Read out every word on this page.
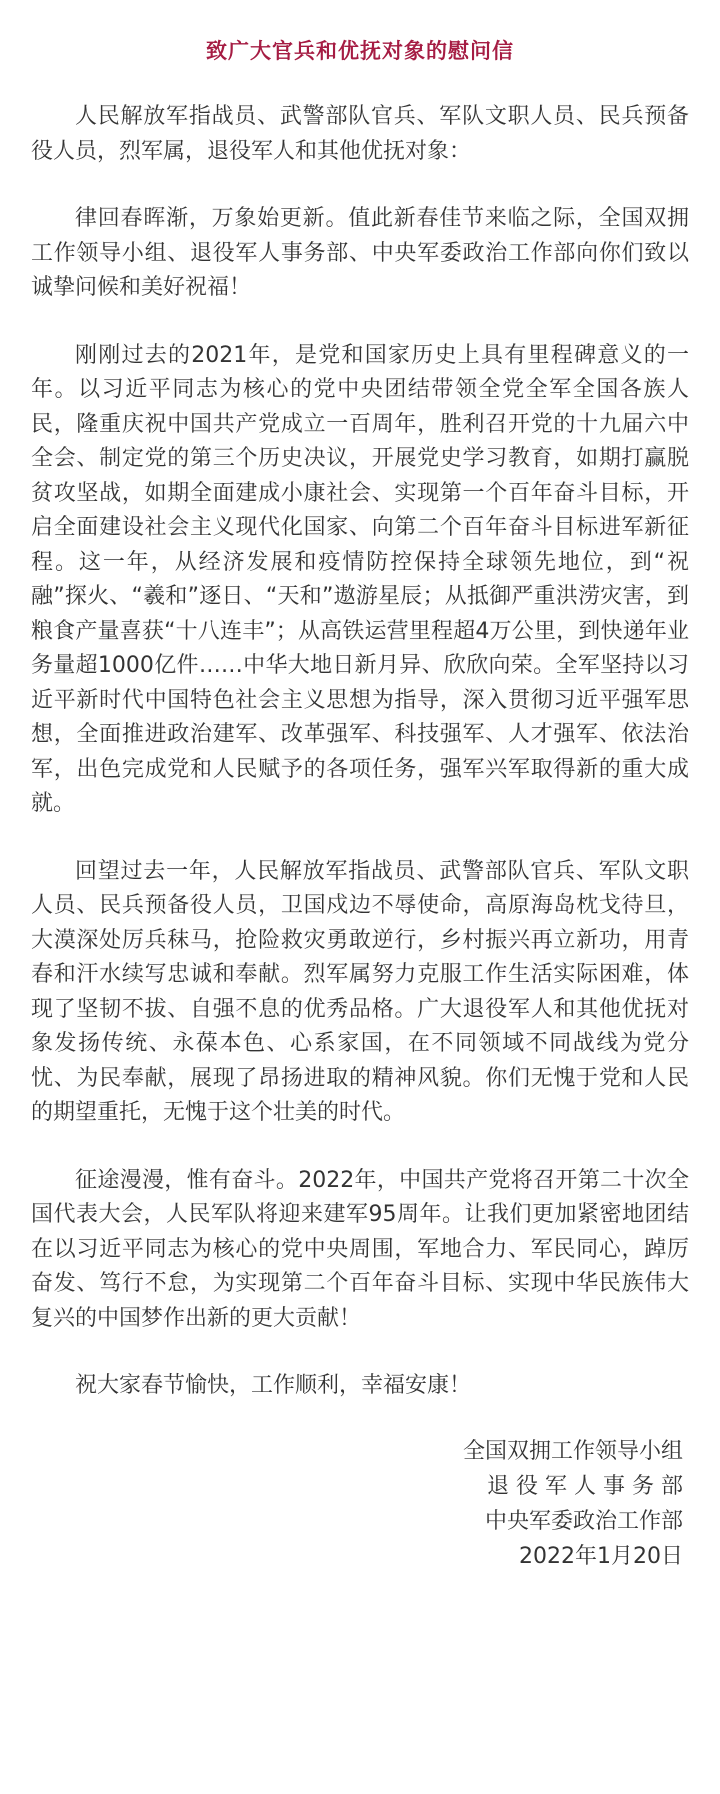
致广大官兵和优抚对象的慰问信

人民解放军指战员、武警部队官兵、军队文职人员、民兵预备役人员，烈军属，退役军人和其他优抚对象：

律回春晖渐，万象始更新。值此新春佳节来临之际，全国双拥工作领导小组、退役军人事务部、中央军委政治工作部向你们致以诚挚问候和美好祝福！

刚刚过去的2021年，是党和国家历史上具有里程碑意义的一年。以习近平同志为核心的党中央团结带领全党全军全国各族人民，隆重庆祝中国共产党成立一百周年，胜利召开党的十九届六中全会、制定党的第三个历史决议，开展党史学习教育，如期打赢脱贫攻坚战，如期全面建成小康社会、实现第一个百年奋斗目标，开启全面建设社会主义现代化国家、向第二个百年奋斗目标进军新征程。这一年，从经济发展和疫情防控保持全球领先地位，到“祝融”探火、“羲和”逐日、“天和”遨游星辰；从抵御严重洪涝灾害，到粮食产量喜获“十八连丰”；从高铁运营里程超4万公里，到快递年业务量超1000亿件……中华大地日新月异、欣欣向荣。全军坚持以习近平新时代中国特色社会主义思想为指导，深入贯彻习近平强军思想，全面推进政治建军、改革强军、科技强军、人才强军、依法治军，出色完成党和人民赋予的各项任务，强军兴军取得新的重大成就。

回望过去一年，人民解放军指战员、武警部队官兵、军队文职人员、民兵预备役人员，卫国戍边不辱使命，高原海岛枕戈待旦，大漠深处厉兵秣马，抢险救灾勇敢逆行，乡村振兴再立新功，用青春和汗水续写忠诚和奉献。烈军属努力克服工作生活实际困难，体现了坚韧不拔、自强不息的优秀品格。广大退役军人和其他优抚对象发扬传统、永葆本色、心系家国，在不同领域不同战线为党分忧、为民奉献，展现了昂扬进取的精神风貌。你们无愧于党和人民的期望重托，无愧于这个壮美的时代。

征途漫漫，惟有奋斗。2022年，中国共产党将召开第二十次全国代表大会，人民军队将迎来建军95周年。让我们更加紧密地团结在以习近平同志为核心的党中央周围，军地合力、军民同心，踔厉奋发、笃行不怠，为实现第二个百年奋斗目标、实现中华民族伟大复兴的中国梦作出新的更大贡献！

祝大家春节愉快，工作顺利，幸福安康！

全国双拥工作领导小组
退 役 军 人 事 务 部
中央军委政治工作部
2022年1月20日
